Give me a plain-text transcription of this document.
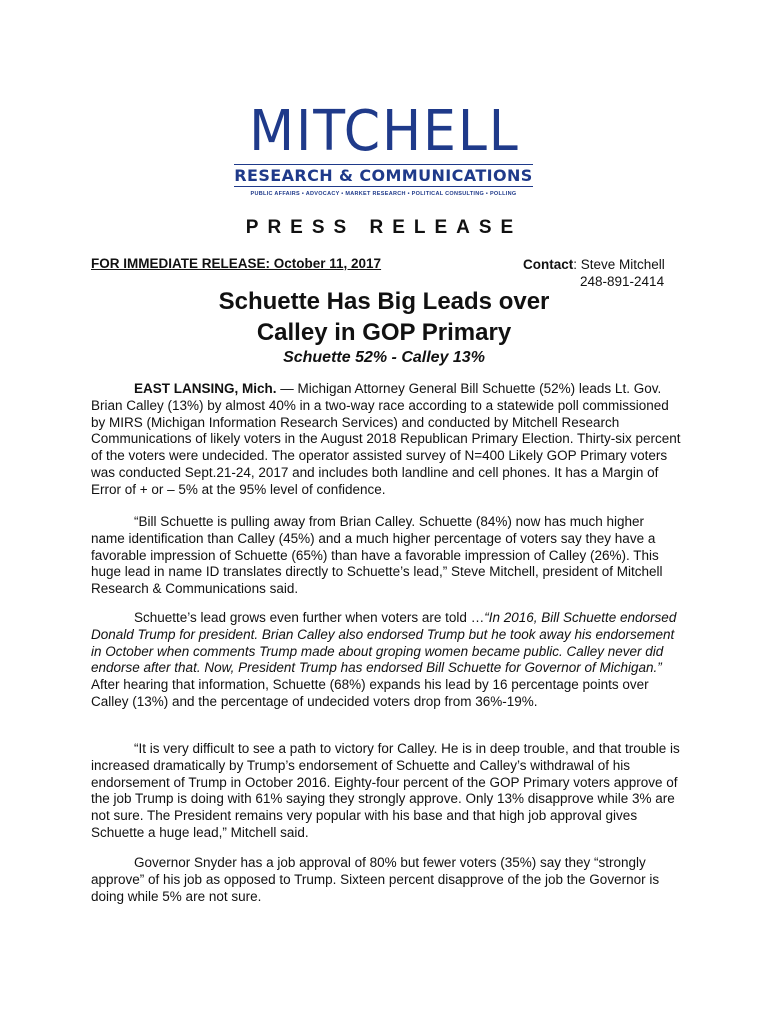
MITCHELL
RESEARCH & COMMUNICATIONS
PUBLIC AFFAIRS • ADVOCACY • MARKET RESEARCH • POLITICAL CONSULTING • POLLING
PRESS RELEASE
FOR IMMEDIATE RELEASE: October 11, 2017	Contact: Steve Mitchell
248-891-2414
Schuette Has Big Leads over
Calley in GOP Primary
Schuette 52% - Calley 13%
EAST LANSING, Mich. — Michigan Attorney General Bill Schuette (52%) leads Lt. Gov. Brian Calley (13%) by almost 40% in a two-way race according to a statewide poll commissioned by MIRS (Michigan Information Research Services) and conducted by Mitchell Research Communications of likely voters in the August 2018 Republican Primary Election. Thirty-six percent of the voters were undecided. The operator assisted survey of N=400 Likely GOP Primary voters was conducted Sept.21-24, 2017 and includes both landline and cell phones. It has a Margin of Error of + or – 5% at the 95% level of confidence.
“Bill Schuette is pulling away from Brian Calley. Schuette (84%) now has much higher name identification than Calley (45%) and a much higher percentage of voters say they have a favorable impression of Schuette (65%) than have a favorable impression of Calley (26%). This huge lead in name ID translates directly to Schuette’s lead,” Steve Mitchell, president of Mitchell Research & Communications said.
Schuette’s lead grows even further when voters are told …“In 2016, Bill Schuette endorsed Donald Trump for president. Brian Calley also endorsed Trump but he took away his endorsement in October when comments Trump made about groping women became public. Calley never did endorse after that. Now, President Trump has endorsed Bill Schuette for Governor of Michigan.” After hearing that information, Schuette (68%) expands his lead by 16 percentage points over Calley (13%) and the percentage of undecided voters drop from 36%-19%.
“It is very difficult to see a path to victory for Calley. He is in deep trouble, and that trouble is increased dramatically by Trump’s endorsement of Schuette and Calley’s withdrawal of his endorsement of Trump in October 2016. Eighty-four percent of the GOP Primary voters approve of the job Trump is doing with 61% saying they strongly approve. Only 13% disapprove while 3% are not sure. The President remains very popular with his base and that high job approval gives Schuette a huge lead,” Mitchell said.
Governor Snyder has a job approval of 80% but fewer voters (35%) say they “strongly approve” of his job as opposed to Trump. Sixteen percent disapprove of the job the Governor is doing while 5% are not sure.
